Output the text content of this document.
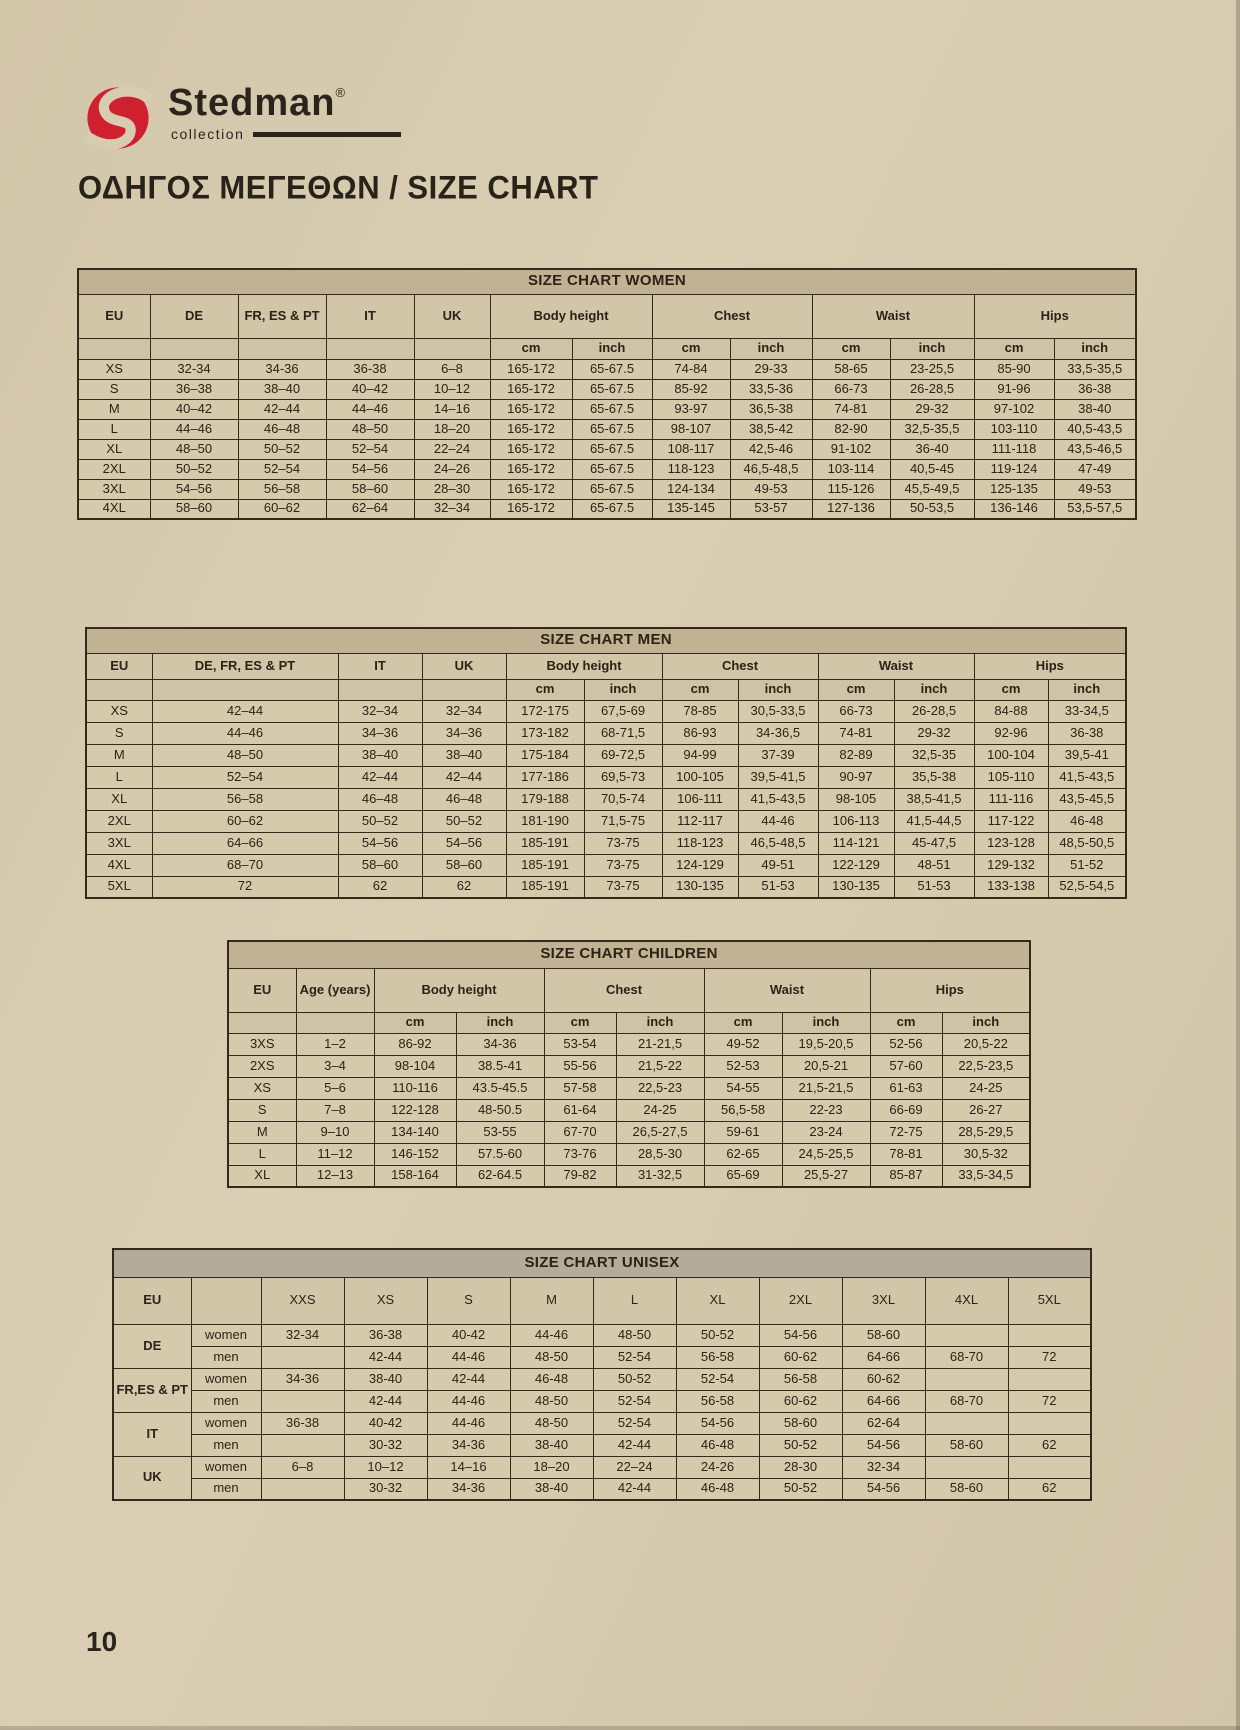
Stedman®
collection
ΟΔΗΓΟΣ ΜΕΓΕΘΩΝ / SIZE CHART
SIZE CHART WOMEN												
EU	DE	FR, ES & PT	IT	UK	Body height		Chest		Waist		Hips	
					cm	inch	cm	inch	cm	inch	cm	inch
XS	32-34	34-36	36-38	6–8	165-172	65-67.5	74-84	29-33	58-65	23-25,5	85-90	33,5-35,5
S	36–38	38–40	40–42	10–12	165-172	65-67.5	85-92	33,5-36	66-73	26-28,5	91-96	36-38
M	40–42	42–44	44–46	14–16	165-172	65-67.5	93-97	36,5-38	74-81	29-32	97-102	38-40
L	44–46	46–48	48–50	18–20	165-172	65-67.5	98-107	38,5-42	82-90	32,5-35,5	103-110	40,5-43,5
XL	48–50	50–52	52–54	22–24	165-172	65-67.5	108-117	42,5-46	91-102	36-40	111-118	43,5-46,5
2XL	50–52	52–54	54–56	24–26	165-172	65-67.5	118-123	46,5-48,5	103-114	40,5-45	119-124	47-49
3XL	54–56	56–58	58–60	28–30	165-172	65-67.5	124-134	49-53	115-126	45,5-49,5	125-135	49-53
4XL	58–60	60–62	62–64	32–34	165-172	65-67.5	135-145	53-57	127-136	50-53,5	136-146	53,5-57,5
SIZE CHART MEN											
EU	DE, FR, ES & PT	IT	UK	Body height		Chest		Waist		Hips	
				cm	inch	cm	inch	cm	inch	cm	inch
XS	42–44	32–34	32–34	172-175	67,5-69	78-85	30,5-33,5	66-73	26-28,5	84-88	33-34,5
S	44–46	34–36	34–36	173-182	68-71,5	86-93	34-36,5	74-81	29-32	92-96	36-38
M	48–50	38–40	38–40	175-184	69-72,5	94-99	37-39	82-89	32,5-35	100-104	39,5-41
L	52–54	42–44	42–44	177-186	69,5-73	100-105	39,5-41,5	90-97	35,5-38	105-110	41,5-43,5
XL	56–58	46–48	46–48	179-188	70,5-74	106-111	41,5-43,5	98-105	38,5-41,5	111-116	43,5-45,5
2XL	60–62	50–52	50–52	181-190	71,5-75	112-117	44-46	106-113	41,5-44,5	117-122	46-48
3XL	64–66	54–56	54–56	185-191	73-75	118-123	46,5-48,5	114-121	45-47,5	123-128	48,5-50,5
4XL	68–70	58–60	58–60	185-191	73-75	124-129	49-51	122-129	48-51	129-132	51-52
5XL	72	62	62	185-191	73-75	130-135	51-53	130-135	51-53	133-138	52,5-54,5
SIZE CHART CHILDREN									
EU	Age (years)	Body height		Chest		Waist		Hips	
		cm	inch	cm	inch	cm	inch	cm	inch
3XS	1–2	86-92	34-36	53-54	21-21,5	49-52	19,5-20,5	52-56	20,5-22
2XS	3–4	98-104	38.5-41	55-56	21,5-22	52-53	20,5-21	57-60	22,5-23,5
XS	5–6	110-116	43.5-45.5	57-58	22,5-23	54-55	21,5-21,5	61-63	24-25
S	7–8	122-128	48-50.5	61-64	24-25	56,5-58	22-23	66-69	26-27
M	9–10	134-140	53-55	67-70	26,5-27,5	59-61	23-24	72-75	28,5-29,5
L	11–12	146-152	57.5-60	73-76	28,5-30	62-65	24,5-25,5	78-81	30,5-32
XL	12–13	158-164	62-64.5	79-82	31-32,5	65-69	25,5-27	85-87	33,5-34,5
SIZE CHART UNISEX											
EU		XXS	XS	S	M	L	XL	2XL	3XL	4XL	5XL
DE	women	32-34	36-38	40-42	44-46	48-50	50-52	54-56	58-60		
	men		42-44	44-46	48-50	52-54	56-58	60-62	64-66	68-70	72
FR,ES & PT	women	34-36	38-40	42-44	46-48	50-52	52-54	56-58	60-62		
	men		42-44	44-46	48-50	52-54	56-58	60-62	64-66	68-70	72
IT	women	36-38	40-42	44-46	48-50	52-54	54-56	58-60	62-64		
	men		30-32	34-36	38-40	42-44	46-48	50-52	54-56	58-60	62
UK	women	6–8	10–12	14–16	18–20	22–24	24-26	28-30	32-34		
	men		30-32	34-36	38-40	42-44	46-48	50-52	54-56	58-60	62
10
